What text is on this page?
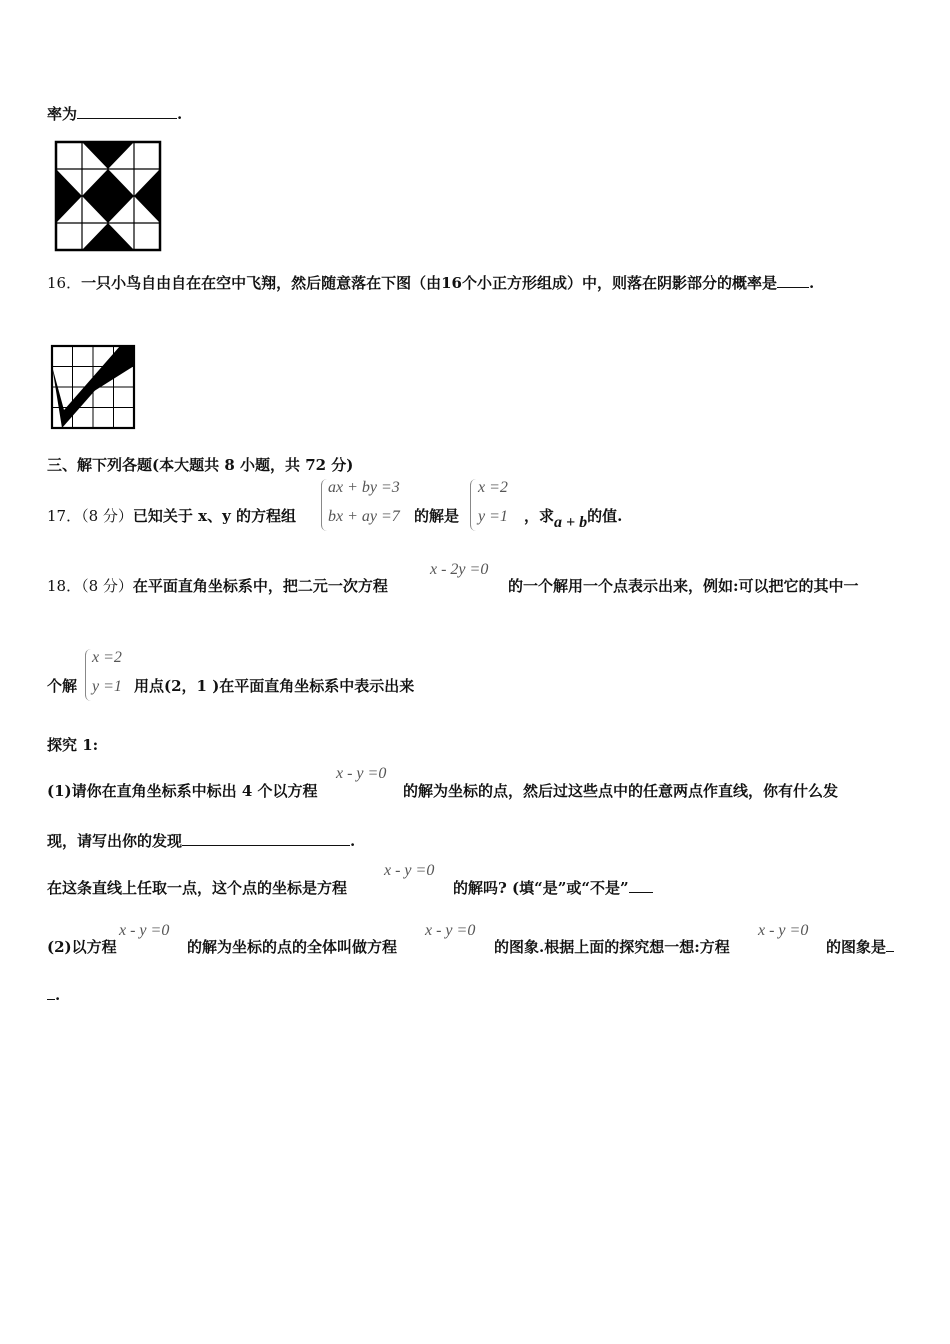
率为	.
16．一只小鸟自由自在在空中飞翔，然后随意落在下图（由16个小正方形组成）中，则落在阴影部分的概率是 .
三、解下列各题(本大题共 8 小题，共 72 分)
17．（8 分）已知关于 x、y 的方程组
ax + by =3
bx + ay =7 的解是
x =2
y =1 ，求a + b的值.
18．（8 分）在平面直角坐标系中，把二元一次方程
x - 2y =0
的一个解用一个点表示出来，例如:可以把它的其中一
个解
x =2
y =1 用点(2，1 )在平面直角坐标系中表示出来
探究 1:
(1)请你在直角坐标系中标出 4 个以方程
x - y =0
的解为坐标的点，然后过这些点中的任意两点作直线，你有什么发
现，请写出你的发现	.
在这条直线上任取一点，这个点的坐标是方程
x - y =0
的解吗? (填“是”或“不是”
(2)以方程
x - y =0
的解为坐标的点的全体叫做方程
x - y =0
的图象.根据上面的探究想一想:方程
x - y =0
的图象是
.
